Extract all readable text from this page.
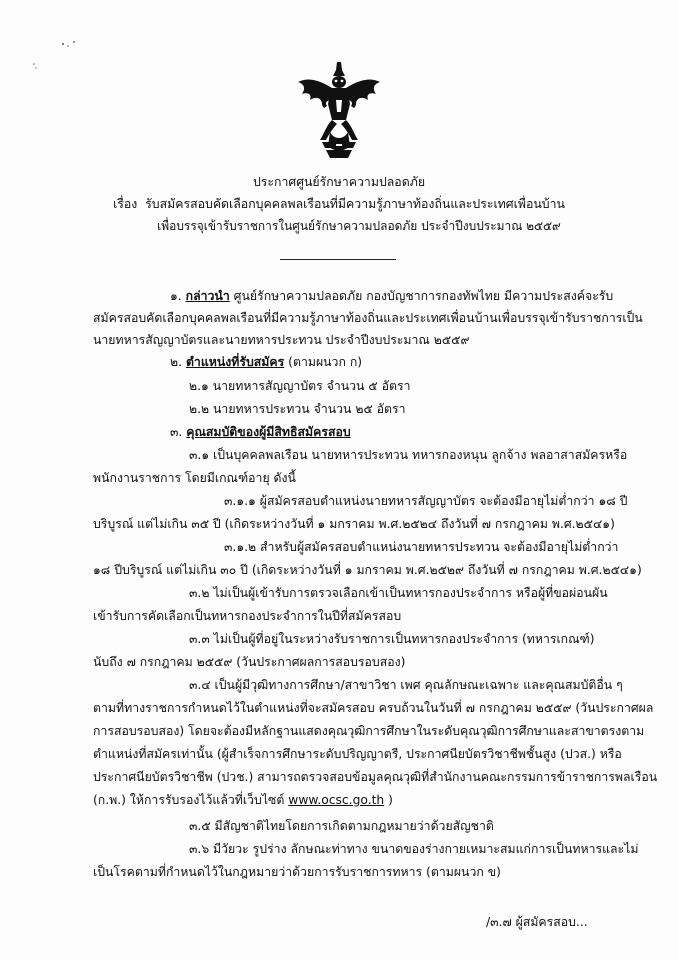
ประกาศศูนย์รักษาความปลอดภัย
เรื่อง รับสมัครสอบคัดเลือกบุคคลพลเรือนที่มีความรู้ภาษาท้องถิ่นและประเทศเพื่อนบ้าน
เพื่อบรรจุเข้ารับราชการในศูนย์รักษาความปลอดภัย ประจำปีงบประมาณ ๒๕๕๙
๑. กล่าวนำ ศูนย์รักษาความปลอดภัย กองบัญชาการกองทัพไทย มีความประสงค์จะรับ
สมัครสอบคัดเลือกบุคคลพลเรือนที่มีความรู้ภาษาท้องถิ่นและประเทศเพื่อนบ้านเพื่อบรรจุเข้ารับราชการเป็น
นายทหารสัญญาบัตรและนายทหารประทวน ประจำปีงบประมาณ ๒๕๕๙
๒. ตำแหน่งที่รับสมัคร (ตามผนวก ก)
๒.๑ นายทหารสัญญาบัตร จำนวน ๕ อัตรา
๒.๒ นายทหารประทวน จำนวน ๒๕ อัตรา
๓. คุณสมบัติของผู้มีสิทธิสมัครสอบ
๓.๑ เป็นบุคคลพลเรือน นายทหารประทวน ทหารกองหนุน ลูกจ้าง พลอาสาสมัครหรือ
พนักงานราชการ โดยมีเกณฑ์อายุ ดังนี้
๓.๑.๑ ผู้สมัครสอบตำแหน่งนายทหารสัญญาบัตร จะต้องมีอายุไม่ต่ำกว่า ๑๘ ปี
บริบูรณ์ แต่ไม่เกิน ๓๕ ปี (เกิดระหว่างวันที่ ๑ มกราคม พ.ศ.๒๕๒๔ ถึงวันที่ ๗ กรกฎาคม พ.ศ.๒๕๔๑)
๓.๑.๒ สำหรับผู้สมัครสอบตำแหน่งนายทหารประทวน จะต้องมีอายุไม่ต่ำกว่า
๑๘ ปีบริบูรณ์ แต่ไม่เกิน ๓๐ ปี (เกิดระหว่างวันที่ ๑ มกราคม พ.ศ.๒๕๒๙ ถึงวันที่ ๗ กรกฎาคม พ.ศ.๒๕๔๑)
๓.๒ ไม่เป็นผู้เข้ารับการตรวจเลือกเข้าเป็นทหารกองประจำการ หรือผู้ที่ขอผ่อนผัน
เข้ารับการคัดเลือกเป็นทหารกองประจำการในปีที่สมัครสอบ
๓.๓ ไม่เป็นผู้ที่อยู่ในระหว่างรับราชการเป็นทหารกองประจำการ (ทหารเกณฑ์)
นับถึง ๗ กรกฎาคม ๒๕๕๙ (วันประกาศผลการสอบรอบสอง)
๓.๔ เป็นผู้มีวุฒิทางการศึกษา/สาขาวิชา เพศ คุณลักษณะเฉพาะ และคุณสมบัติอื่น ๆ
ตามที่ทางราชการกำหนดไว้ในตำแหน่งที่จะสมัครสอบ ครบถ้วนในวันที่ ๗ กรกฎาคม ๒๕๕๙ (วันประกาศผล
การสอบรอบสอง) โดยจะต้องมีหลักฐานแสดงคุณวุฒิการศึกษาในระดับคุณวุฒิการศึกษาและสาขาตรงตาม
ตำแหน่งที่สมัครเท่านั้น (ผู้สำเร็จการศึกษาระดับปริญญาตรี, ประกาศนียบัตรวิชาชีพชั้นสูง (ปวส.) หรือ
ประกาศนียบัตรวิชาชีพ (ปวช.) สามารถตรวจสอบข้อมูลคุณวุฒิที่สำนักงานคณะกรรมการข้าราชการพลเรือน
(ก.พ.) ให้การรับรองไว้แล้วที่เว็บไซต์ www.ocsc.go.th )
๓.๕ มีสัญชาติไทยโดยการเกิดตามกฎหมายว่าด้วยสัญชาติ
๓.๖ มีวัยวะ รูปร่าง ลักษณะท่าทาง ขนาดของร่างกายเหมาะสมแก่การเป็นทหารและไม่
เป็นโรคตามที่กำหนดไว้ในกฎหมายว่าด้วยการรับราชการทหาร (ตามผนวก ข)
/๓.๗ ผู้สมัครสอบ...
